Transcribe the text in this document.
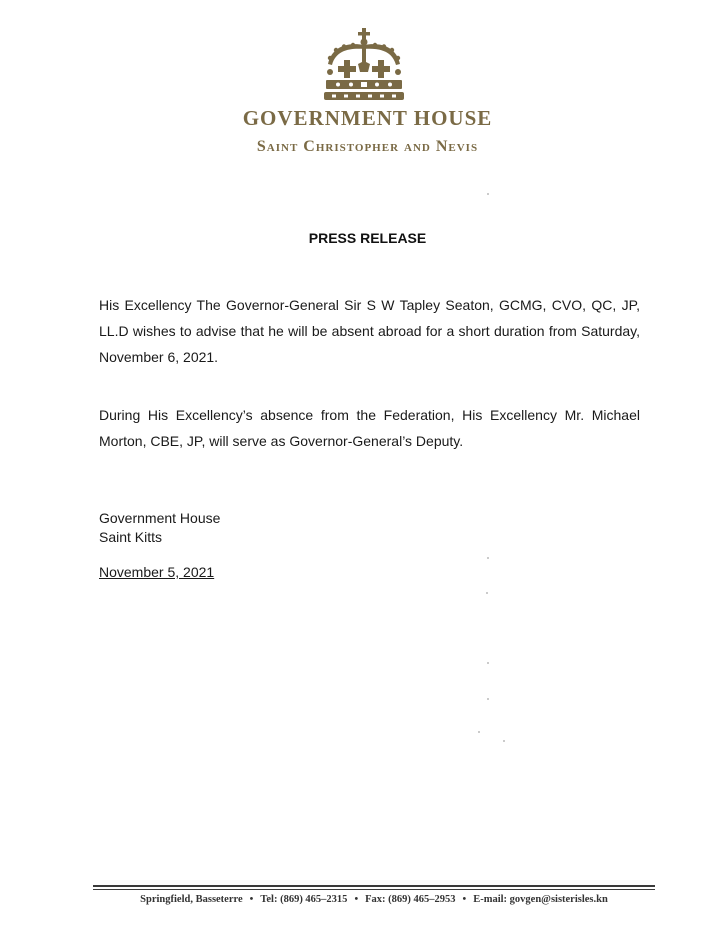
GOVERNMENT HOUSE
Saint Christopher and Nevis
PRESS RELEASE

His Excellency The Governor-General Sir S W Tapley Seaton, GCMG, CVO, QC, JP, LL.D wishes to advise that he will be absent abroad for a short duration from Saturday, November 6, 2021.

During His Excellency’s absence from the Federation, His Excellency Mr. Michael Morton, CBE, JP, will serve as Governor-General’s Deputy.

Government House
Saint Kitts
November 5, 2021
Springfield, Basseterre • Tel: (869) 465–2315 • Fax: (869) 465–2953 • E-mail: govgen@sisterisles.kn
